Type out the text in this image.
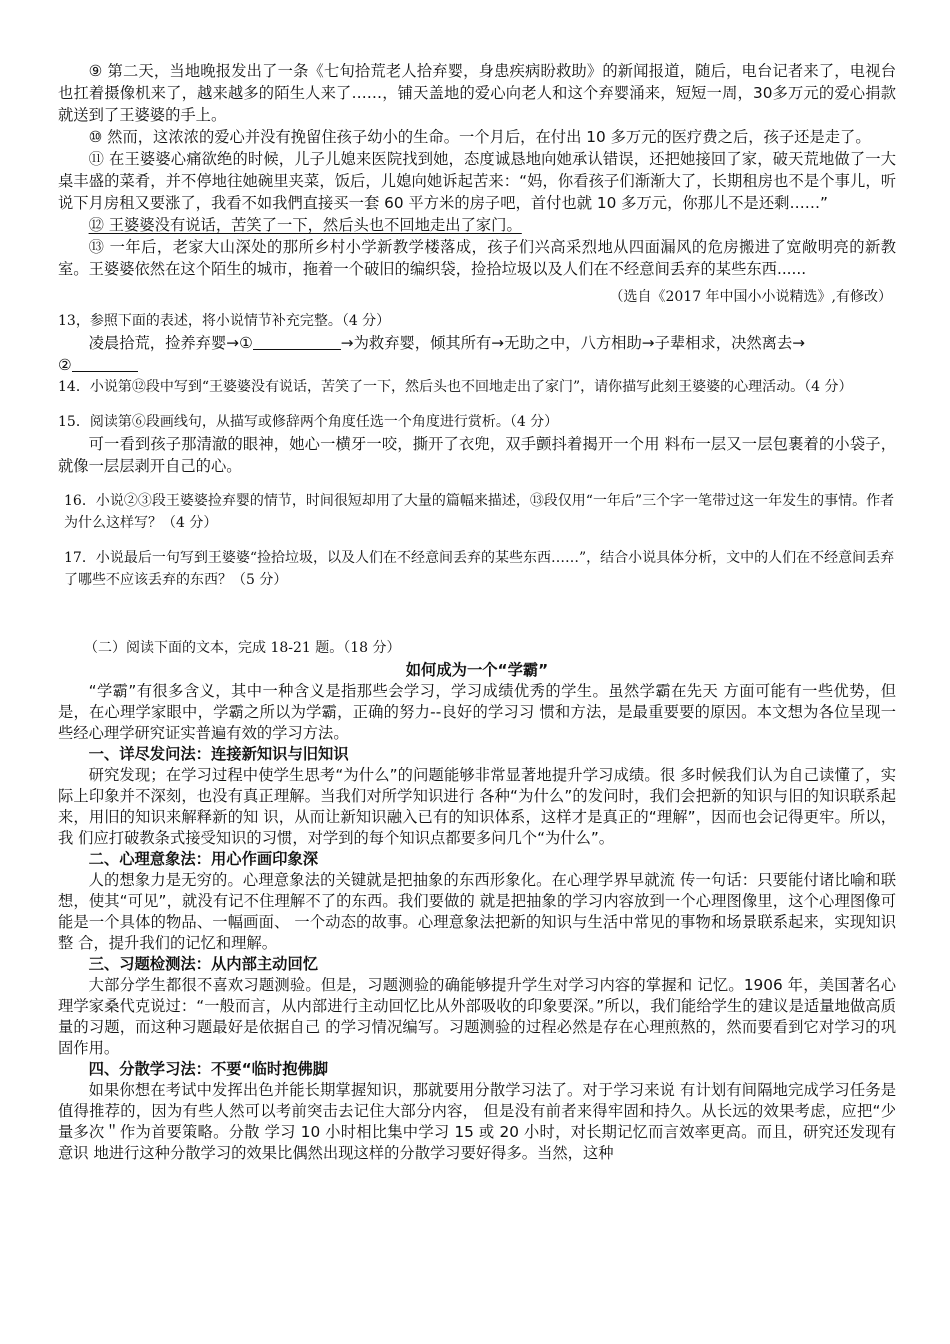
⑨ 第二天，当地晚报发出了一条《七旬拾荒老人拾弃婴，身患疾病盼救助》的新闻报道，随后，电台记者来了，电视台也扛着摄像机来了，越来越多的陌生人来了……，铺天盖地的爱心向老人和这个弃婴涌来，短短一周，30多万元的爱心捐款就送到了王婆婆的手上。

⑩ 然而，这浓浓的爱心并没有挽留住孩子幼小的生命。一个月后，在付出 10 多万元的医疗费之后，孩子还是走了。

⑪ 在王婆婆心痛欲绝的时候，儿子儿媳来医院找到她，态度诚恳地向她承认错误，还把她接回了家，破天荒地做了一大桌丰盛的菜肴，并不停地往她碗里夹菜，饭后，儿媳向她诉起苦来：“妈，你看孩子们渐渐大了，长期租房也不是个事儿，听说下月房租又要涨了，我看不如我們直接买一套 60 平方米的房子吧，首付也就 10 多万元，你那儿不是还剩……”

⑫ 王婆婆没有说话，苦笑了一下，然后头也不回地走出了家门。

⑬ 一年后，老家大山深处的那所乡村小学新教学楼落成，孩子们兴高采烈地从四面漏风的危房搬进了宽敞明亮的新教室。王婆婆依然在这个陌生的城市，拖着一个破旧的编织袋，捡拾垃圾以及人们在不经意间丢弃的某些东西......

（选自《2017 年中国小小说精选》,有修改）

13，参照下面的表述，将小说情节补充完整。（4 分）

凌晨拾荒，捡养弃婴→①	→为救弃婴，倾其所有→无助之中，八方相助→子辈相求，决然离去→

②

14．小说第⑫段中写到“王婆婆没有说话，苦笑了一下，然后头也不回地走出了家门”，请你描写此刻王婆婆的心理活动。（4 分）

15．阅读第⑥段画线句，从描写或修辞两个角度任选一个角度进行赏析。（4 分）

可一看到孩子那清澈的眼神，她心一横牙一咬，撕开了衣兜，双手颤抖着揭开一个用 料布一层又一层包裹着的小袋子，就像一层层剥开自己的心。

16．小说②③段王婆婆捡弃婴的情节，时间很短却用了大量的篇幅来描述，⑬段仅用“一年后”三个字一笔带过这一年发生的事情。作者为什么这样写？（4 分）

17．小说最后一句写到王婆婆“捡拾垃圾，以及人们在不经意间丢弃的某些东西……”，结合小说具体分析，文中的人们在不经意间丢弃了哪些不应该丢弃的东西？（5 分）

（二）阅读下面的文本，完成 18-21 题。（18 分）

如何成为一个“学霸”

“学霸”有很多含义，其中一种含义是指那些会学习，学习成绩优秀的学生。虽然学霸在先天 方面可能有一些优势，但是，在心理学家眼中，学霸之所以为学霸，正确的努力--良好的学习习 惯和方法，是最重要要的原因。本文想为各位呈现一些经心理学研究证实普遍有效的学习方法。

一、详尽发问法：连接新知识与旧知识

研究发现；在学习过程中使学生思考“为什么”的问题能够非常显著地提升学习成绩。很 多时候我们认为自己读懂了，实际上印象并不深刻，也没有真正理解。当我们对所学知识进行 各种“为什么”的发问时，我们会把新的知识与旧的知识联系起来，用旧的知识来解释新的知 识，从而让新知识融入已有的知识体系，这样才是真正的“理解”，因而也会记得更牢。所以，我 们应打破教条式接受知识的习惯，对学到的每个知识点都要多问几个“为什么”。

二、心理意象法：用心作画印象深

人的想象力是无穷的。心理意象法的关键就是把抽象的东西形象化。在心理学界早就流 传一句话：只要能付诸比喻和联想，使其“可见”，就没有记不住理解不了的东西。我们要做的 就是把抽象的学习内容放到一个心理图像里，这个心理图像可能是一个具体的物品、一幅画面、 一个动态的故事。心理意象法把新的知识与生活中常见的事物和场景联系起来，实现知识整 合，提升我们的记忆和理解。

三、习题检测法：从内部主动回忆

大部分学生都很不喜欢习题测验。但是，习题测验的确能够提升学生对学习内容的掌握和 记忆。1906 年，美国著名心理学家桑代克说过：“一般而言，从内部进行主动回忆比从外部吸收的印象要深。”所以，我们能给学生的建议是适量地做高质量的习题，而这种习题最好是依据自己 的学习情况编写。习题测验的过程必然是存在心理煎熬的，然而要看到它对学习的巩固作用。

四、分散学习法：不要“临时抱佛脚

如果你想在考试中发挥出色并能长期掌握知识，那就要用分散学习法了。对于学习来说 有计划有间隔地完成学习任务是值得推荐的，因为有些人然可以考前突击去记住大部分内容， 但是没有前者来得牢固和持久。从长远的效果考虑，应把“少量多次＂作为首要策略。分散 学习 10 小时相比集中学习 15 或 20 小时，对长期记忆而言效率更高。而且，研究还发现有意识 地进行这种分散学习的效果比偶然出现这样的分散学习要好得多。当然，这种
